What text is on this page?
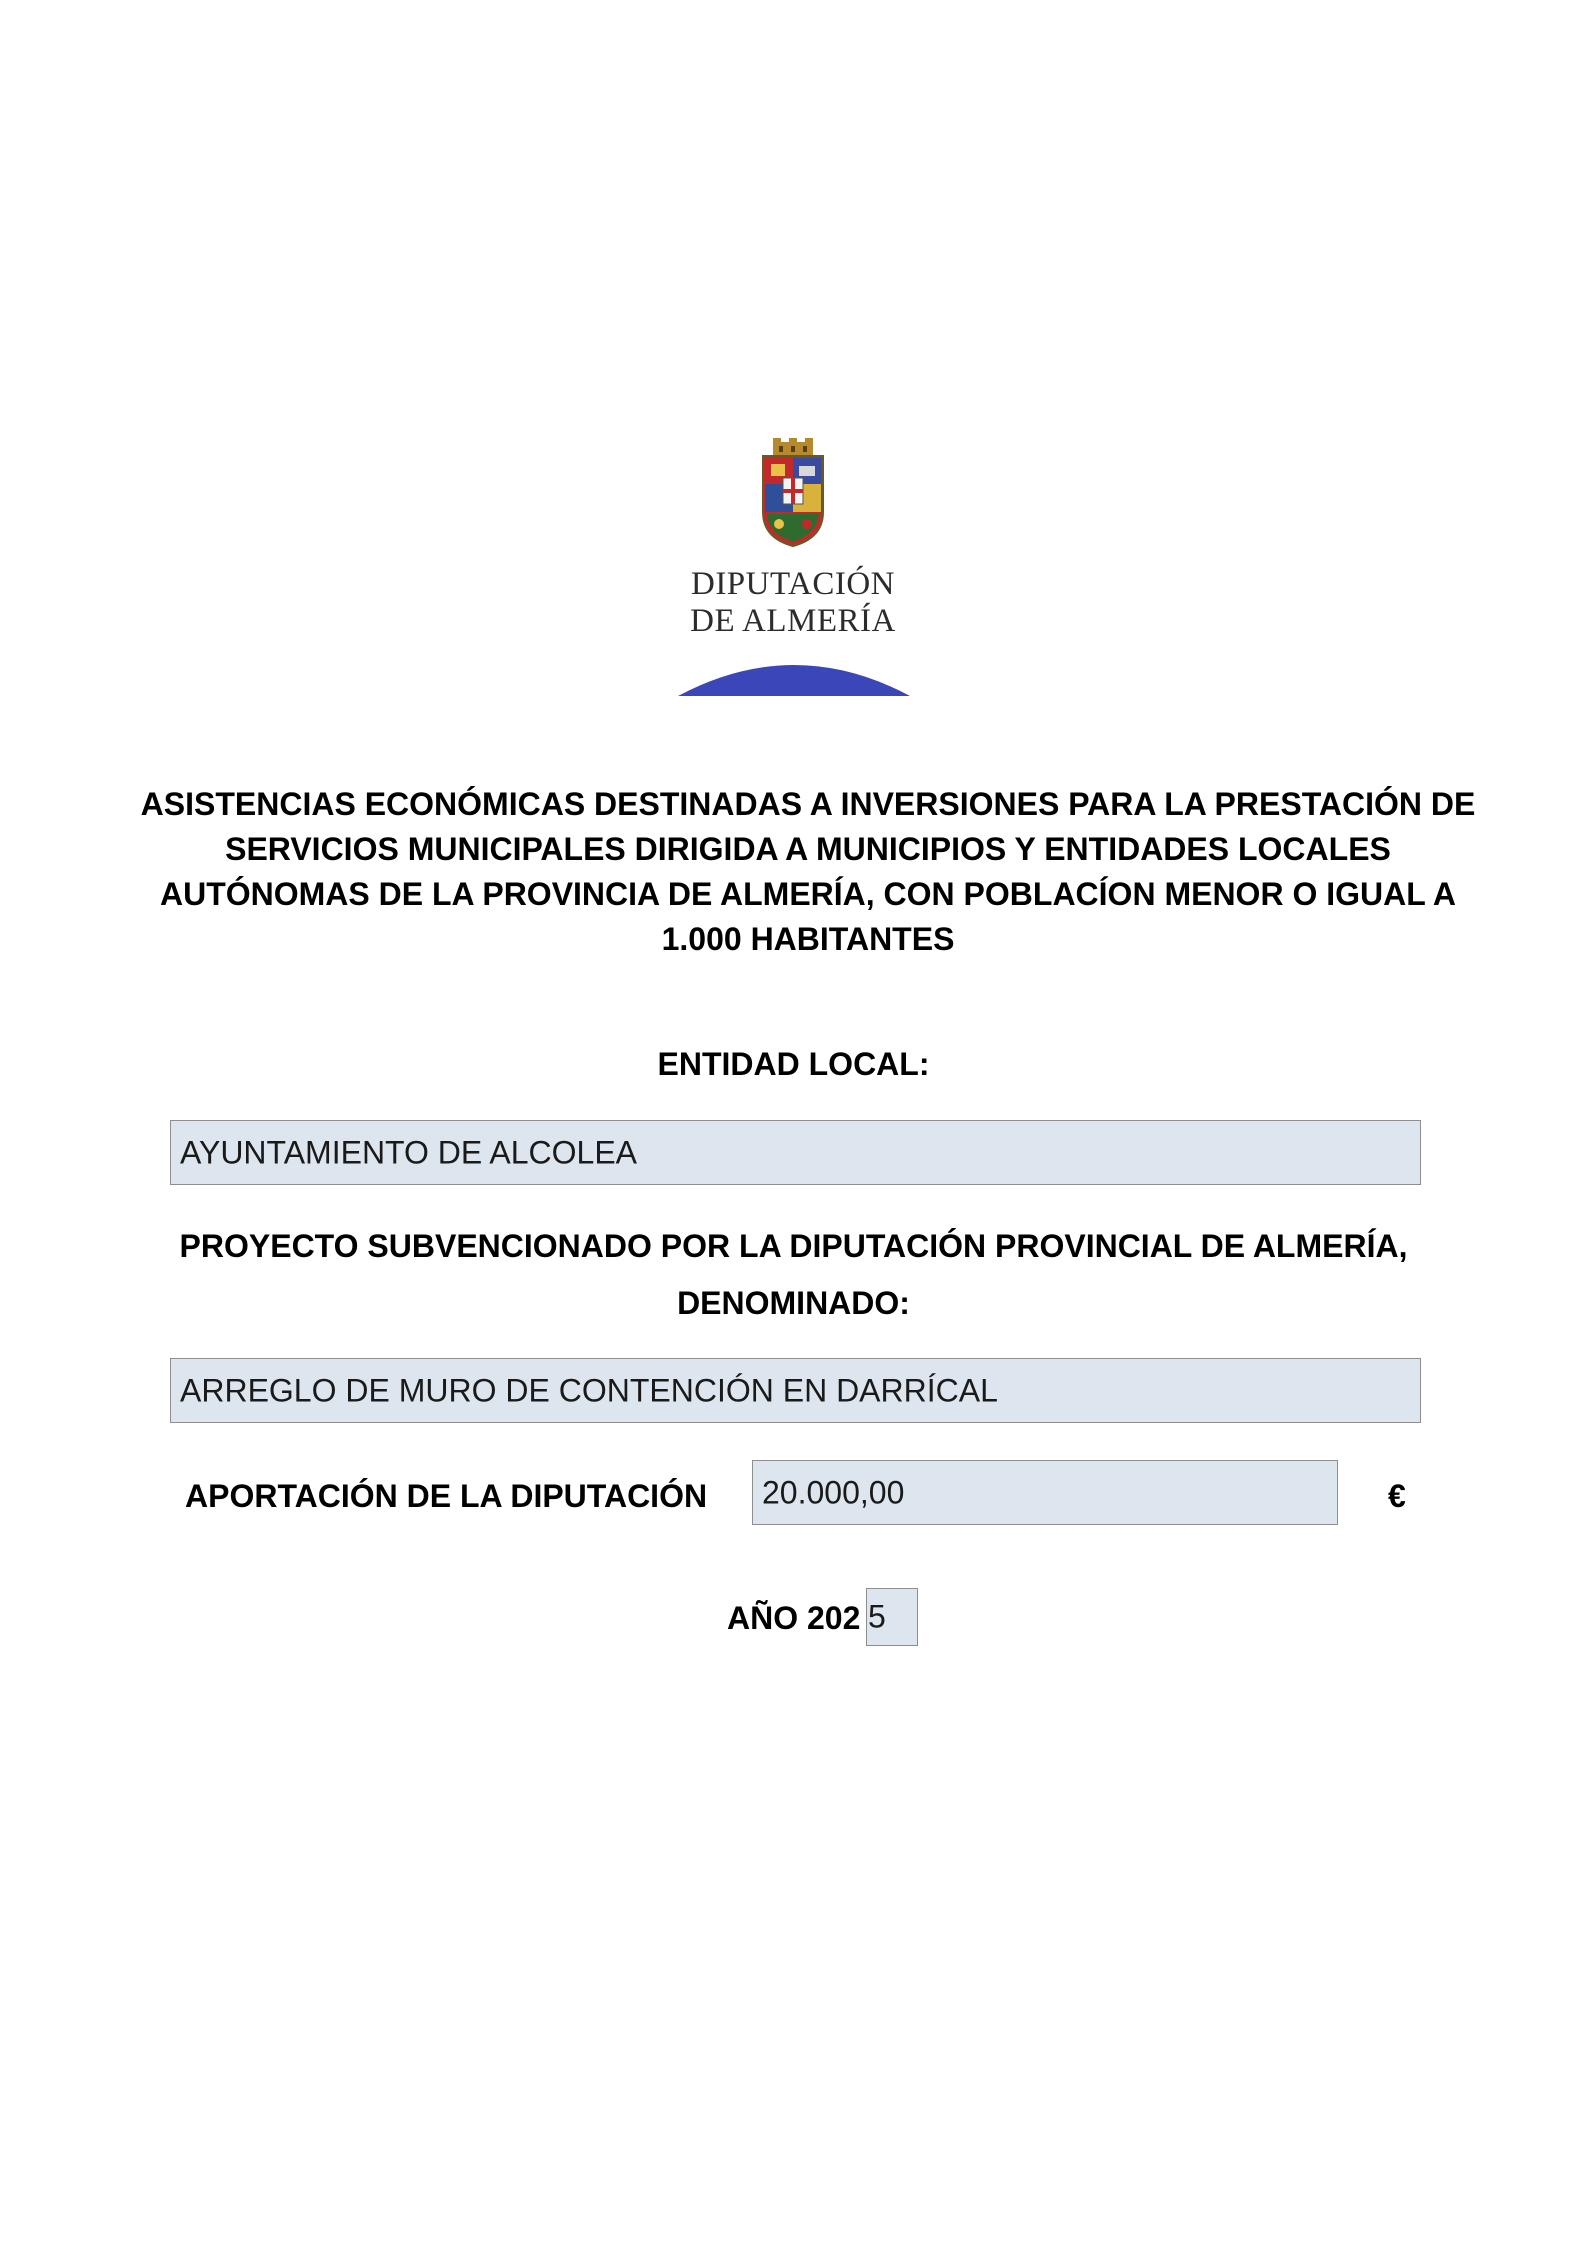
DIPUTACIÓN
DE ALMERÍA
ASISTENCIAS ECONÓMICAS DESTINADAS A INVERSIONES PARA LA PRESTACIÓN DE
SERVICIOS MUNICIPALES DIRIGIDA A MUNICIPIOS Y ENTIDADES LOCALES
AUTÓNOMAS DE LA PROVINCIA DE ALMERÍA, CON POBLACÍON MENOR O IGUAL A
1.000 HABITANTES
ENTIDAD LOCAL:
AYUNTAMIENTO DE ALCOLEA
PROYECTO SUBVENCIONADO POR LA DIPUTACIÓN PROVINCIAL DE ALMERÍA,
DENOMINADO:
ARREGLO DE MURO DE CONTENCIÓN EN DARRÍCAL
APORTACIÓN DE LA DIPUTACIÓN 20.000,00	€
AÑO 202 5
